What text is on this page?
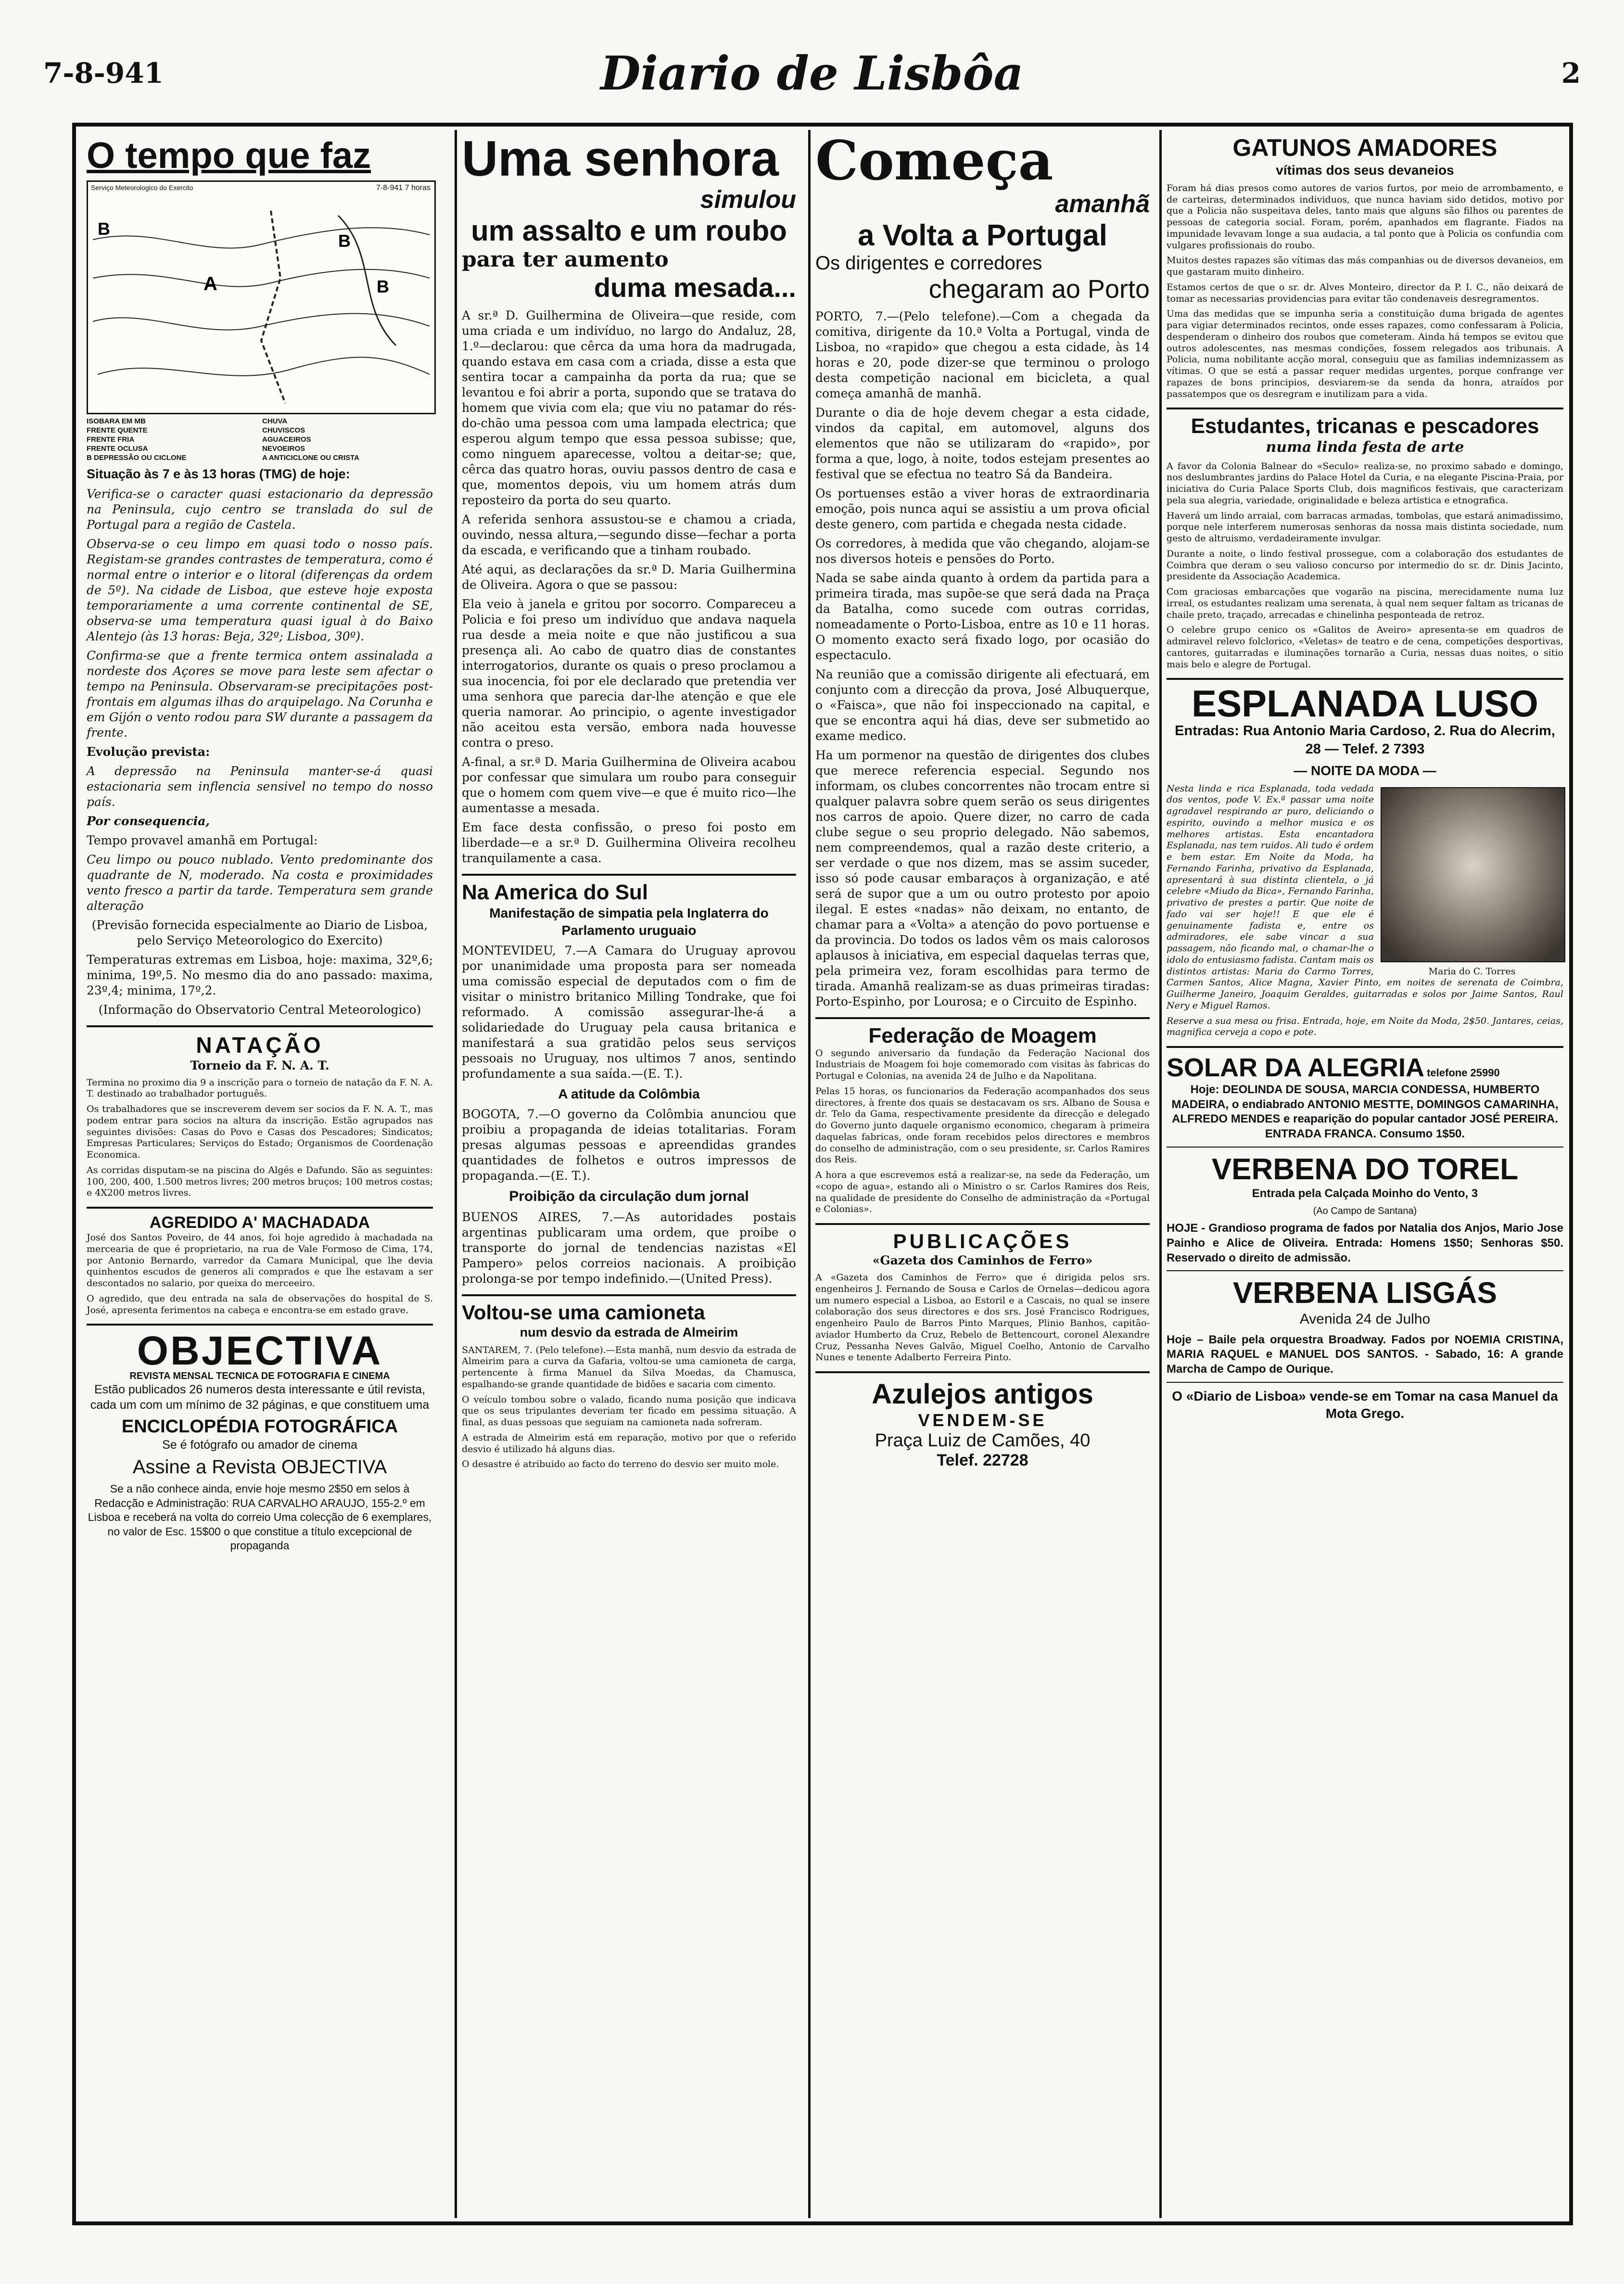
7-8-941	Diario de Lisbôa	2
O tempo que faz
Serviço Meteorologico do Exercito	7-8-941 7 horas
A
B
B
B
ISOBARA EM MB	CHUVA
FRENTE QUENTE	CHUVISCOS
FRENTE FRIA	AGUACEIROS
FRENTE OCLUSA	NEVOEIROS
B DEPRESSÃO OU CICLONE	A ANTICICLONE OU CRISTA

Situação às 7 e às 13 horas (TMG) de hoje:

Verifica-se o caracter quasi estacionario da depressão na Peninsula, cujo centro se translada do sul de Portugal para a região de Castela.

Observa-se o ceu limpo em quasi todo o nosso país. Registam-se grandes contrastes de temperatura, como é normal entre o interior e o litoral (diferenças da ordem de 5º). Na cidade de Lisboa, que esteve hoje exposta temporariamente a uma corrente continental de SE, observa-se uma temperatura quasi igual à do Baixo Alentejo (às 13 horas: Beja, 32º; Lisboa, 30º).

Confirma-se que a frente termica ontem assinalada a nordeste dos Açores se move para leste sem afectar o tempo na Peninsula. Observaram-se precipitações post-frontais em algumas ilhas do arquipelago. Na Corunha e em Gijón o vento rodou para SW durante a passagem da frente.

Evolução prevista:

A depressão na Peninsula manter-se-á quasi estacionaria sem inflencia sensivel no tempo do nosso país.

Por consequencia,

Tempo provavel amanhã em Portugal:

Ceu limpo ou pouco nublado. Vento predominante dos quadrante de N, moderado. Na costa e proximidades vento fresco a partir da tarde. Temperatura sem grande alteração

(Previsão fornecida especialmente ao Diario de Lisboa, pelo Serviço Meteorologico do Exercito)

Temperaturas extremas em Lisboa, hoje: maxima, 32º,6; minima, 19º,5. No mesmo dia do ano passado: maxima, 23º,4; minima, 17º,2.

(Informação do Observatorio Central Meteorologico)

NATAÇÃO

Torneio da F. N. A. T.

Termina no proximo dia 9 a inscrição para o torneio de natação da F. N. A. T. destinado ao trabalhador português.

Os trabalhadores que se inscreverem devem ser socios da F. N. A. T., mas podem entrar para socios na altura da inscrição. Estão agrupados nas seguintes divisões: Casas do Povo e Casas dos Pescadores; Sindicatos; Empresas Particulares; Serviços do Estado; Organismos de Coordenação Economica.

As corridas disputam-se na piscina do Algés e Dafundo. São as seguintes: 100, 200, 400, 1.500 metros livres; 200 metros bruços; 100 metros costas; e 4X200 metros livres.

AGREDIDO A' MACHADADA

José dos Santos Poveiro, de 44 anos, foi hoje agredido à machadada na mercearia de que é proprietario, na rua de Vale Formoso de Cima, 174, por Antonio Bernardo, varredor da Camara Municipal, que lhe devia quinhentos escudos de generos ali comprados e que lhe estavam a ser descontados no salario, por queixa do merceeiro.

O agredido, que deu entrada na sala de observações do hospital de S. José, apresenta ferimentos na cabeça e encontra-se em estado grave.

OBJECTIVA
REVISTA MENSAL TECNICA DE FOTOGRAFIA E CINEMA

Estão publicados 26 numeros desta interessante e útil revista, cada um com um mínimo de 32 páginas, e que constituem uma

ENCICLOPÉDIA FOTOGRÁFICA

Se é fotógrafo ou amador de cinema

Assine a Revista OBJECTIVA

Se a não conhece ainda, envie hoje mesmo 2$50 em selos à Redacção e Administração: RUA CARVALHO ARAUJO, 155-2.º em Lisboa e receberá na volta do correio Uma colecção de 6 exemplares, no valor de Esc. 15$00 o que constitue a título excepcional de propaganda

Uma senhora
simulou
um assalto e um roubo
para ter aumento
duma mesada...

A sr.ª D. Guilhermina de Oliveira—que reside, com uma criada e um indivíduo, no largo do Andaluz, 28, 1.º—declarou: que cêrca da uma hora da madrugada, quando estava em casa com a criada, disse a esta que sentira tocar a campainha da porta da rua; que se levantou e foi abrir a porta, supondo que se tratava do homem que vivia com ela; que viu no patamar do rés-do-chão uma pessoa com uma lampada electrica; que esperou algum tempo que essa pessoa subisse; que, como ninguem aparecesse, voltou a deitar-se; que, cêrca das quatro horas, ouviu passos dentro de casa e que, momentos depois, viu um homem atrás dum reposteiro da porta do seu quarto.

A referida senhora assustou-se e chamou a criada, ouvindo, nessa altura,—segundo disse—fechar a porta da escada, e verificando que a tinham roubado.

Até aqui, as declarações da sr.ª D. Maria Guilhermina de Oliveira. Agora o que se passou:

Ela veio à janela e gritou por socorro. Compareceu a Policia e foi preso um indivíduo que andava naquela rua desde a meia noite e que não justificou a sua presença ali. Ao cabo de quatro dias de constantes interrogatorios, durante os quais o preso proclamou a sua inocencia, foi por ele declarado que pretendia ver uma senhora que parecia dar-lhe atenção e que ele queria namorar. Ao principio, o agente investigador não aceitou esta versão, embora nada houvesse contra o preso.

A-final, a sr.ª D. Maria Guilhermina de Oliveira acabou por confessar que simulara um roubo para conseguir que o homem com quem vive—e que é muito rico—lhe aumentasse a mesada.

Em face desta confissão, o preso foi posto em liberdade—e a sr.ª D. Guilhermina Oliveira recolheu tranquilamente a casa.

Na America do Sul

Manifestação de simpatia pela Inglaterra do Parlamento uruguaio

MONTEVIDEU, 7.—A Camara do Uruguay aprovou por unanimidade uma proposta para ser nomeada uma comissão especial de deputados com o fim de visitar o ministro britanico Milling Tondrake, que foi reformado. A comissão assegurar-lhe-á a solidariedade do Uruguay pela causa britanica e manifestará a sua gratidão pelos seus serviços pessoais no Uruguay, nos ultimos 7 anos, sentindo profundamente a sua saída.—(E. T.).

A atitude da Colômbia

BOGOTA, 7.—O governo da Colômbia anunciou que proibiu a propaganda de ideias totalitarias. Foram presas algumas pessoas e apreendidas grandes quantidades de folhetos e outros impressos de propaganda.—(E. T.).

Proibição da circulação dum jornal

BUENOS AIRES, 7.—As autoridades postais argentinas publicaram uma ordem, que proibe o transporte do jornal de tendencias nazistas «El Pampero» pelos correios nacionais. A proibição prolonga-se por tempo indefinido.—(United Press).

Voltou-se uma camioneta

num desvio da estrada de Almeirim

SANTAREM, 7. (Pelo telefone).—Esta manhã, num desvio da estrada de Almeirim para a curva da Gafaria, voltou-se uma camioneta de carga, pertencente à firma Manuel da Silva Moedas, da Chamusca, espalhando-se grande quantidade de bidões e sacaria com cimento.

O veículo tombou sobre o valado, ficando numa posição que indicava que os seus tripulantes deveriam ter ficado em pessima situação. A final, as duas pessoas que seguiam na camioneta nada sofreram.

A estrada de Almeirim está em reparação, motivo por que o referido desvio é utilizado há alguns dias.

O desastre é atribuido ao facto do terreno do desvio ser muito mole.

Começa
amanhã
a Volta a Portugal
Os dirigentes e corredores
chegaram ao Porto

PORTO, 7.—(Pelo telefone).—Com a chegada da comitiva, dirigente da 10.ª Volta a Portugal, vinda de Lisboa, no «rapido» que chegou a esta cidade, às 14 horas e 20, pode dizer-se que terminou o prologo desta competição nacional em bicicleta, a qual começa amanhã de manhã.

Durante o dia de hoje devem chegar a esta cidade, vindos da capital, em automovel, alguns dos elementos que não se utilizaram do «rapido», por forma a que, logo, à noite, todos estejam presentes ao festival que se efectua no teatro Sá da Bandeira.

Os portuenses estão a viver horas de extraordinaria emoção, pois nunca aqui se assistiu a um prova oficial deste genero, com partida e chegada nesta cidade.

Os corredores, à medida que vão chegando, alojam-se nos diversos hoteis e pensões do Porto.

Nada se sabe ainda quanto à ordem da partida para a primeira tirada, mas supõe-se que será dada na Praça da Batalha, como sucede com outras corridas, nomeadamente o Porto-Lisboa, entre as 10 e 11 horas. O momento exacto será fixado logo, por ocasião do espectaculo.

Na reunião que a comissão dirigente ali efectuará, em conjunto com a direcção da prova, José Albuquerque, o «Faisca», que não foi inspeccionado na capital, e que se encontra aqui há dias, deve ser submetido ao exame medico.

Ha um pormenor na questão de dirigentes dos clubes que merece referencia especial. Segundo nos informam, os clubes concorrentes não trocam entre si qualquer palavra sobre quem serão os seus dirigentes nos carros de apoio. Quere dizer, no carro de cada clube segue o seu proprio delegado. Não sabemos, nem compreendemos, qual a razão deste criterio, a ser verdade o que nos dizem, mas se assim suceder, isso só pode causar embaraços à organização, e até será de supor que a um ou outro protesto por apoio ilegal. E estes «nadas» não deixam, no entanto, de chamar para a «Volta» a atenção do povo portuense e da provincia. Do todos os lados vêm os mais calorosos aplausos à iniciativa, em especial daquelas terras que, pela primeira vez, foram escolhidas para termo de tirada. Amanhã realizam-se as duas primeiras tiradas: Porto-Espinho, por Lourosa; e o Circuito de Espinho.

Federação de Moagem

O segundo aniversario da fundação da Federação Nacional dos Industriais de Moagem foi hoje comemorado com visitas às fabricas do Portugal e Colonias, na avenida 24 de Julho e da Napolitana.

Pelas 15 horas, os funcionarios da Federação acompanhados dos seus directores, à frente dos quais se destacavam os srs. Albano de Sousa e dr. Telo da Gama, respectivamente presidente da direcção e delegado do Governo junto daquele organismo economico, chegaram à primeira daquelas fabricas, onde foram recebidos pelos directores e membros do conselho de administração, com o seu presidente, sr. Carlos Ramires dos Reis.

A hora a que escrevemos está a realizar-se, na sede da Federação, um «copo de agua», estando ali o Ministro o sr. Carlos Ramires dos Reis, na qualidade de presidente do Conselho de administração da «Portugal e Colonias».

PUBLICAÇÕES

«Gazeta dos Caminhos de Ferro»

A «Gazeta dos Caminhos de Ferro» que é dirigida pelos srs. engenheiros J. Fernando de Sousa e Carlos de Ornelas—dedicou agora um numero especial a Lisboa, ao Estoril e a Cascais, no qual se insere colaboração dos seus directores e dos srs. José Francisco Rodrigues, engenheiro Paulo de Barros Pinto Marques, Plinio Banhos, capitão-aviador Humberto da Cruz, Rebelo de Bettencourt, coronel Alexandre Cruz, Pessanha Neves Galvão, Miguel Coelho, Antonio de Carvalho Nunes e tenente Adalberto Ferreira Pinto.

Azulejos antigos
VENDEM-SE
Praça Luiz de Camões, 40
Telef. 22728
GATUNOS AMADORES

vítimas dos seus devaneios

Foram há dias presos como autores de varios furtos, por meio de arrombamento, e de carteiras, determinados individuos, que nunca haviam sido detidos, motivo por que a Policia não suspeitava deles, tanto mais que alguns são filhos ou parentes de pessoas de categoria social. Foram, porém, apanhados em flagrante. Fiados na impunidade levavam longe a sua audacia, a tal ponto que à Policia os confundia com vulgares profissionais do roubo.

Muitos destes rapazes são vítimas das más companhias ou de diversos devaneios, em que gastaram muito dinheiro.

Estamos certos de que o sr. dr. Alves Monteiro, director da P. I. C., não deixará de tomar as necessarias providencias para evitar tão condenaveis desregramentos.

Uma das medidas que se impunha seria a constituição duma brigada de agentes para vigiar determinados recintos, onde esses rapazes, como confessaram à Policia, despenderam o dinheiro dos roubos que cometeram. Ainda há tempos se evitou que outros adolescentes, nas mesmas condições, fossem relegados aos tribunais. A Policia, numa nobilitante acção moral, conseguiu que as familias indemnizassem as vítimas. O que se está a passar requer medidas urgentes, porque confrange ver rapazes de bons principios, desviarem-se da senda da honra, atraídos por passatempos que os desregram e inutilizam para a vida.

Estudantes, tricanas e pescadores

numa linda festa de arte

A favor da Colonia Balnear do «Seculo» realiza-se, no proximo sabado e domingo, nos deslumbrantes jardins do Palace Hotel da Curia, e na elegante Piscina-Praia, por iniciativa do Curia Palace Sports Club, dois magnificos festivais, que caracterizam pela sua alegria, variedade, originalidade e beleza artistica e etnografica.

Haverá um lindo arraial, com barracas armadas, tombolas, que estará animadissimo, porque nele interferem numerosas senhoras da nossa mais distinta sociedade, num gesto de altruismo, verdadeiramente invulgar.

Durante a noite, o lindo festival prossegue, com a colaboração dos estudantes de Coimbra que deram o seu valioso concurso por intermedio do sr. dr. Dinis Jacinto, presidente da Associação Academica.

Com graciosas embarcações que vogarão na piscina, merecidamente numa luz irreal, os estudantes realizam uma serenata, à qual nem sequer faltam as tricanas de chaile preto, traçado, arrecadas e chinelinha pesponteada de retroz.

O celebre grupo cenico os «Galitos de Aveiro» apresenta-se em quadros de admiravel relevo folclorico, «Veletas» de teatro e de cena, competições desportivas, cantores, guitarradas e iluminações tornarão a Curia, nessas duas noites, o sitio mais belo e alegre de Portugal.

ESPLANADA LUSO

Entradas: Rua Antonio Maria Cardoso, 2. Rua do Alecrim, 28 — Telef. 2 7393

— NOITE DA MODA —

Maria do C. Torres

Nesta linda e rica Esplanada, toda vedada dos ventos, pode V. Ex.ª passar uma noite agradavel respirando ar puro, deliciando o espirito, ouvindo a melhor musica e os melhores artistas. Esta encantadora Esplanada, nas tem ruidos. Ali tudo é ordem e bem estar. Em Noite da Moda, ha Fernando Farinha, privativo da Esplanada, apresentará à sua distinta clientela, o já celebre «Miudo da Bica», Fernando Farinha, privativo de prestes a partir. Que noite de fado vai ser hoje!! E que ele é genuinamente fadista e, entre os admiradores, ele sabe vincar a sua passagem, não ficando mal, o chamar-lhe o idolo do entusiasmo fadista. Cantam mais os distintos artistas: Maria do Carmo Torres, Carmen Santos, Alice Magna, Xavier Pinto, em noites de serenata de Coimbra, Guilherme Janeiro, Joaquim Geraldes, guitarradas e solos por Jaime Santos, Raul Nery e Miguel Ramos.

Reserve a sua mesa ou frisa. Entrada, hoje, em Noite da Moda, 2$50. Jantares, ceias, magnifica cerveja a copo e pote.

SOLAR DA ALEGRIA telefone 25990

Hoje: DEOLINDA DE SOUSA, MARCIA CONDESSA, HUMBERTO MADEIRA, o endiabrado ANTONIO MESTTE, DOMINGOS CAMARINHA, ALFREDO MENDES e reaparição do popular cantador JOSÉ PEREIRA. ENTRADA FRANCA. Consumo 1$50.

VERBENA DO TOREL

Entrada pela Calçada Moinho do Vento, 3

(Ao Campo de Santana)

HOJE - Grandioso programa de fados por Natalia dos Anjos, Mario Jose Painho e Alice de Oliveira. Entrada: Homens 1$50; Senhoras $50. Reservado o direito de admissão.

VERBENA LISGÁS

Avenida 24 de Julho

Hoje – Baile pela orquestra Broadway. Fados por NOEMIA CRISTINA, MARIA RAQUEL e MANUEL DOS SANTOS. - Sabado, 16: A grande Marcha de Campo de Ourique.

O «Diario de Lisboa» vende-se em Tomar na casa Manuel da Mota Grego.
